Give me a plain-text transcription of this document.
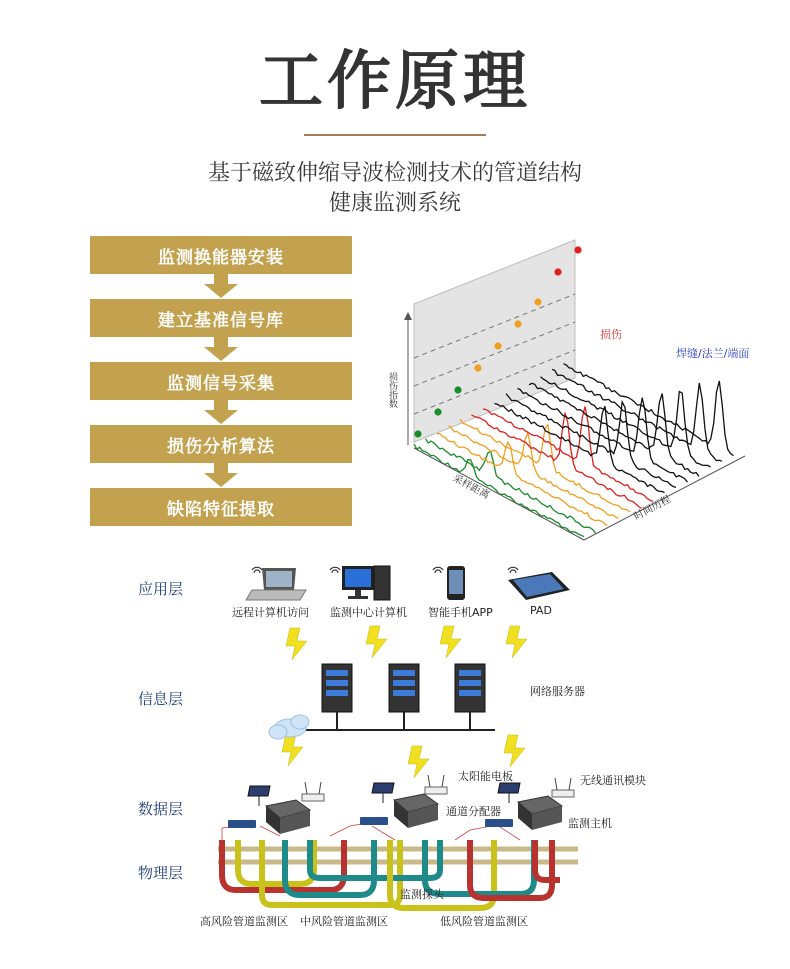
工作原理
基于磁致伸缩导波检测技术的管道结构
健康监测系统
监测换能器安装
建立基准信号库
监测信号采集
损伤分析算法
缺陷特征提取
损伤指数
采样距离
时间历程
损伤
焊缝/法兰/端面
应用层
信息层
数据层
物理层
远程计算机访问 监测中心计算机 智能手机APP	PAD
网络服务器
太阳能电板	无线通讯模块
通道分配器
监测主机
监测探头
高风险管道监测区 中风险管道监测区	低风险管道监测区
